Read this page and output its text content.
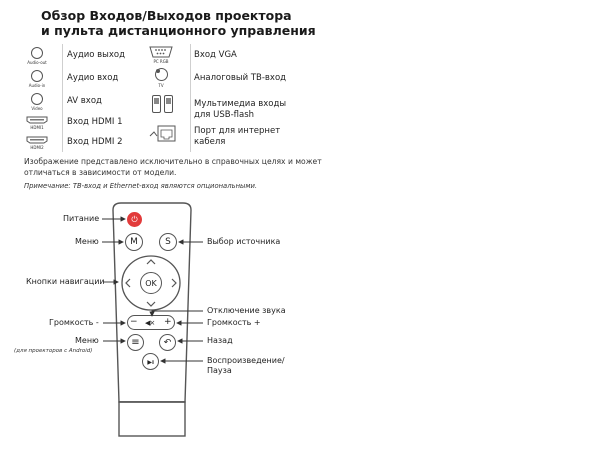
Обзор Входов/Выходов проектора
и пульта дистанционного управления
Audio-out
Аудио выход
Audio-in
Аудио вход
Video
AV вход
HDMI1
Вход HDMI 1
HDMI2
Вход HDMI 2
PC RGB
Вход VGA
TV
Аналоговый ТВ-вход
Мультимедиа входы
для USB-flash
Порт для интернет
кабеля
Изображение представлено исключительно в справочных целях и может
отличаться в зависимости от модели.
Примечание: ТВ-вход и Ethernet-вход являются опциональными.
⏻
M	S
OK
− ◀× +
≡	↶
▶॥
Питание
Меню
Кнопки навигации
Громкость -
Меню
(для проекторов с Android)
Выбор источника
Отключение звука
Громкость +
Назад
Воспроизведение/
Пауза
